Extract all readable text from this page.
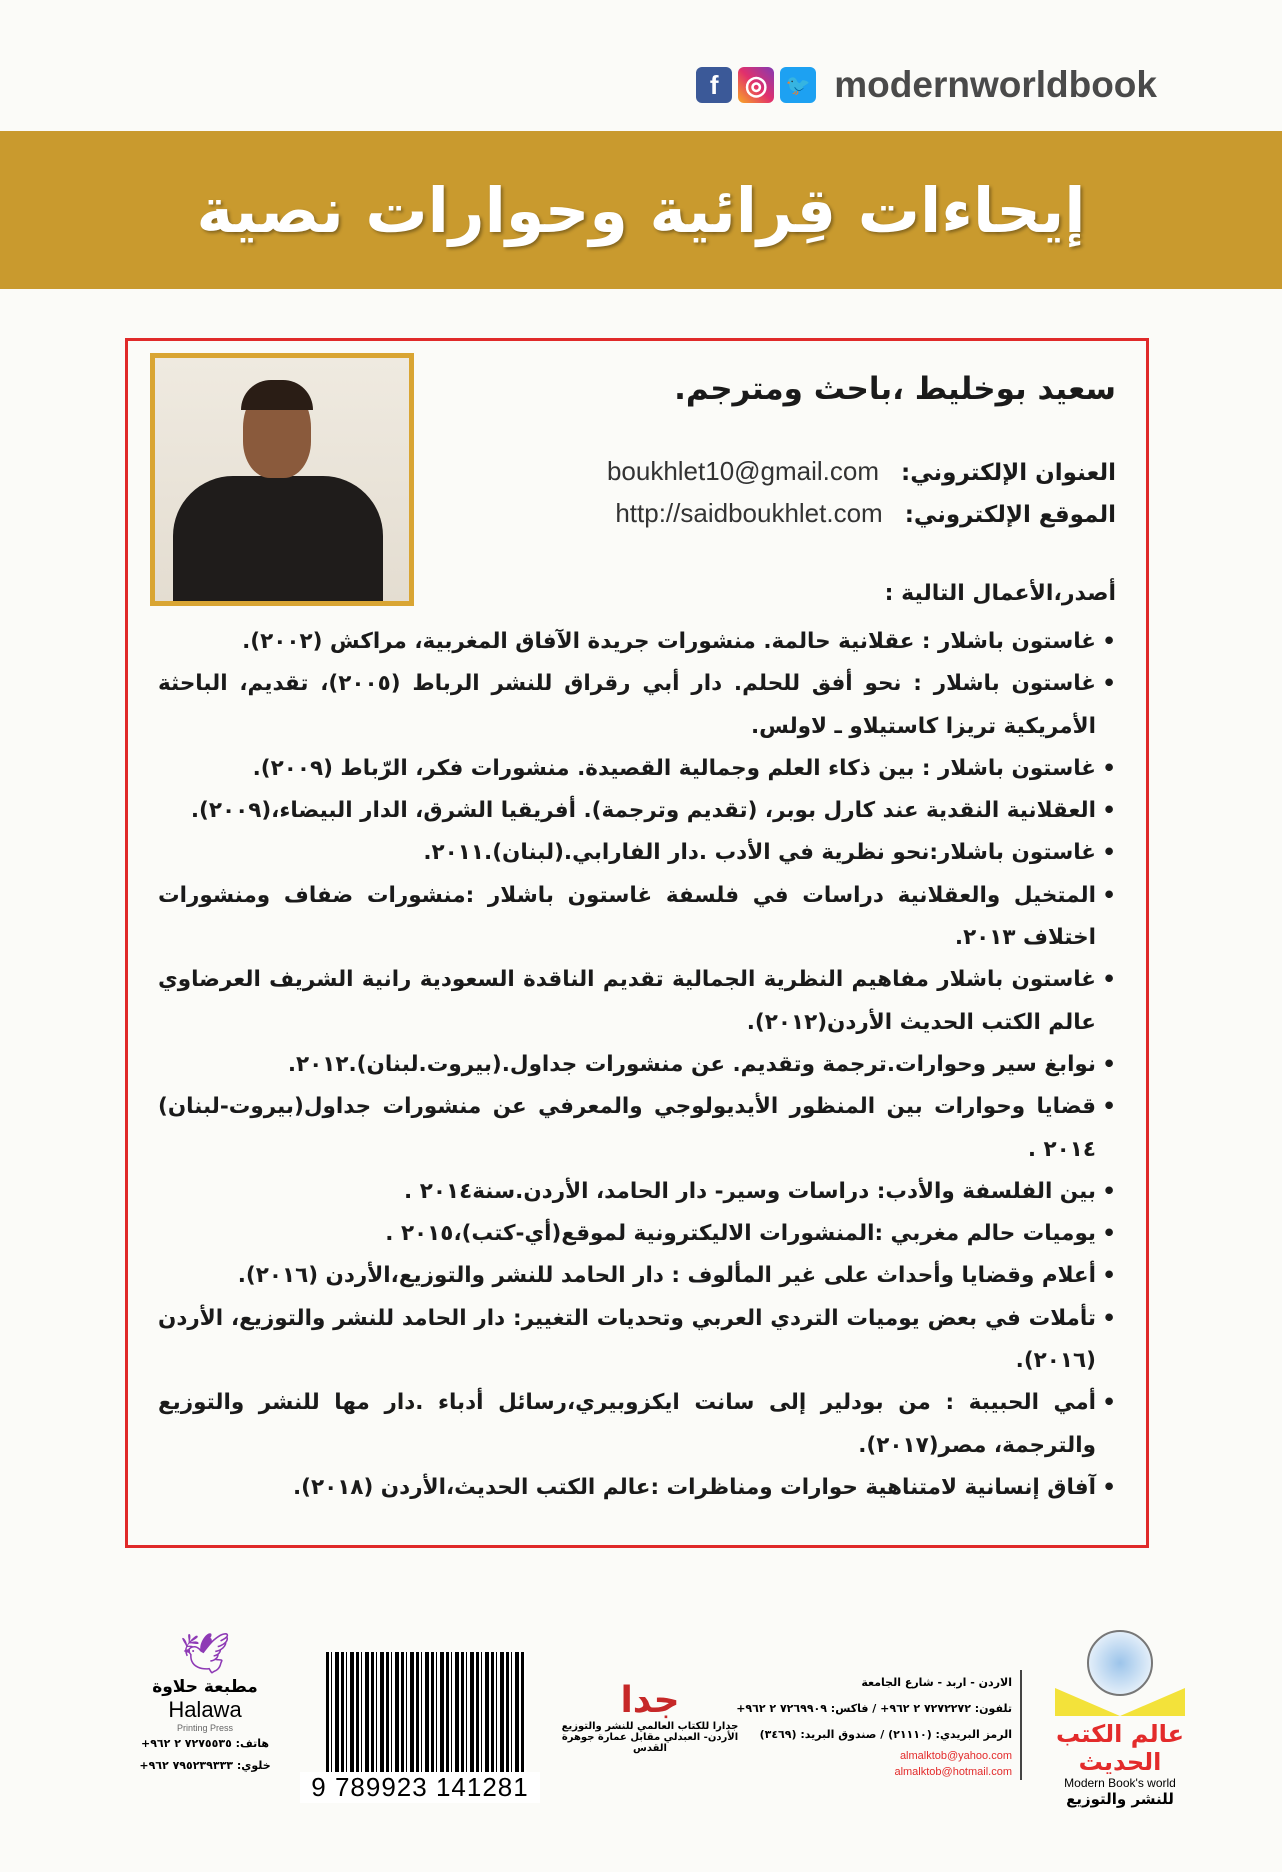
f	◎ 🐦 modernworldbook
إيحاءات قِرائية وحوارات نصية
سعيد بوخليط ،باحث ومترجم.
العنوان الإلكتروني: boukhlet10@gmail.com
الموقع الإلكتروني: http://saidboukhlet.com
أصدر،الأعمال التالية :
• غاستون باشلار : عقلانية حالمة. منشورات جريدة الآفاق المغربية، مراكش (٢٠٠٢).
• غاستون باشلار : نحو أفق للحلم. دار أبي رقراق للنشر الرباط (٢٠٠٥)، تقديم، الباحثة الأمريكية تريزا كاستيلاو ـ لاولس.
• غاستون باشلار : بين ذكاء العلم وجمالية القصيدة. منشورات فكر، الرّباط (٢٠٠٩).
• العقلانية النقدية عند كارل بوبر، (تقديم وترجمة). أفريقيا الشرق، الدار البيضاء،(٢٠٠٩).
• غاستون باشلار:نحو نظرية في الأدب .دار الفارابي.(لبنان).٢٠١١.
• المتخيل والعقلانية دراسات في فلسفة غاستون باشلار :منشورات ضفاف ومنشورات اختلاف ٢٠١٣.
• غاستون باشلار مفاهيم النظرية الجمالية تقديم الناقدة السعودية رانية الشريف العرضاوي عالم الكتب الحديث الأردن(٢٠١٢).
• نوابغ سير وحوارات.ترجمة وتقديم. عن منشورات جداول.(بيروت.لبنان).٢٠١٢.
• قضايا وحوارات بين المنظور الأيديولوجي والمعرفي عن منشورات جداول(بيروت-لبنان) ٢٠١٤ .
• بين الفلسفة والأدب: دراسات وسير- دار الحامد، الأردن.سنة٢٠١٤ .
• يوميات حالم مغربي :المنشورات الاليكترونية لموقع(أي-كتب)،٢٠١٥ .
• أعلام وقضايا وأحداث على غير المألوف : دار الحامد للنشر والتوزيع،الأردن (٢٠١٦).
• تأملات في بعض يوميات التردي العربي وتحديات التغيير: دار الحامد للنشر والتوزيع، الأردن (٢٠١٦).
• أمي الحبيبة : من بودلير إلى سانت ايكزوبيري،رسائل أدباء .دار مها للنشر والتوزيع والترجمة، مصر(٢٠١٧).
• آفاق إنسانية لامتناهية حوارات ومناظرات :عالم الكتب الحديث،الأردن (٢٠١٨).
عالم الكتب الحديث
Modern Book's world
للنشر والتوزيع
الاردن - اربد - شارع الجامعة
تلفون: ٧٢٧٢٢٧٢ ٢ ٩٦٢+ / فاكس: ٧٢٦٩٩٠٩ ٢ ٩٦٢+
الرمز البريدي: (٢١١١٠) / صندوق البريد: (٣٤٦٩)
almalktob@yahoo.com
almalktob@hotmail.com
جدا
جدارا للكتاب العالمي للنشر والتوزيع
الأردن- العبدلي مقابل عمارة جوهرة القدس
9 789923 141281
🕊
مطبعة حلاوة
Halawa
Printing Press
هاتف: ٧٢٧٥٥٣٥ ٢ ٩٦٢+
خلوي: ٧٩٥٢٣٩٣٣٣ ٩٦٢+
